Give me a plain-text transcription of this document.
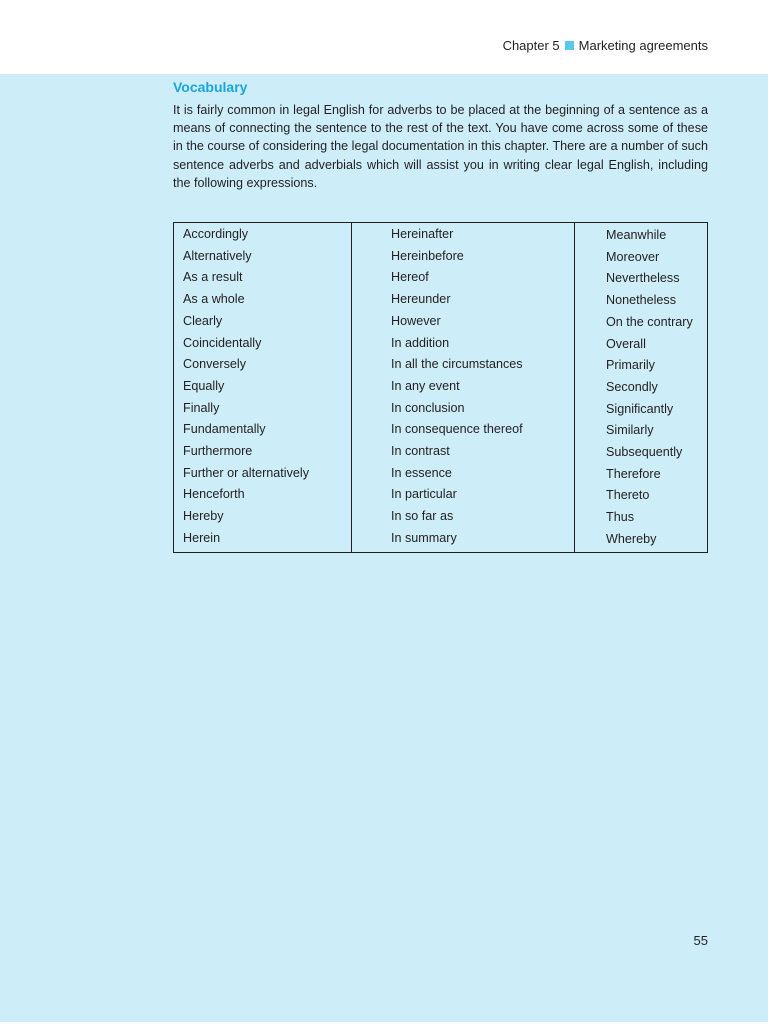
Chapter 5 Marketing agreements
Vocabulary

It is fairly common in legal English for adverbs to be placed at the beginning of a sentence as a means of connecting the sentence to the rest of the text. You have come across some of these in the course of considering the legal documentation in this chapter. There are a number of such sentence adverbs and adverbials which will assist you in writing clear legal English, including the following expressions.

Accordingly
Alternatively
As a result
As a whole
Clearly
Coincidentally
Conversely
Equally
Finally
Fundamentally
Furthermore
Further or alternatively
Henceforth
Hereby
Herein
Hereinafter
Hereinbefore
Hereof
Hereunder
However
In addition
In all the circumstances
In any event
In conclusion
In consequence thereof
In contrast
In essence
In particular
In so far as
In summary
Meanwhile
Moreover
Nevertheless
Nonetheless
On the contrary
Overall
Primarily
Secondly
Significantly
Similarly
Subsequently
Therefore
Thereto
Thus
Whereby
55
